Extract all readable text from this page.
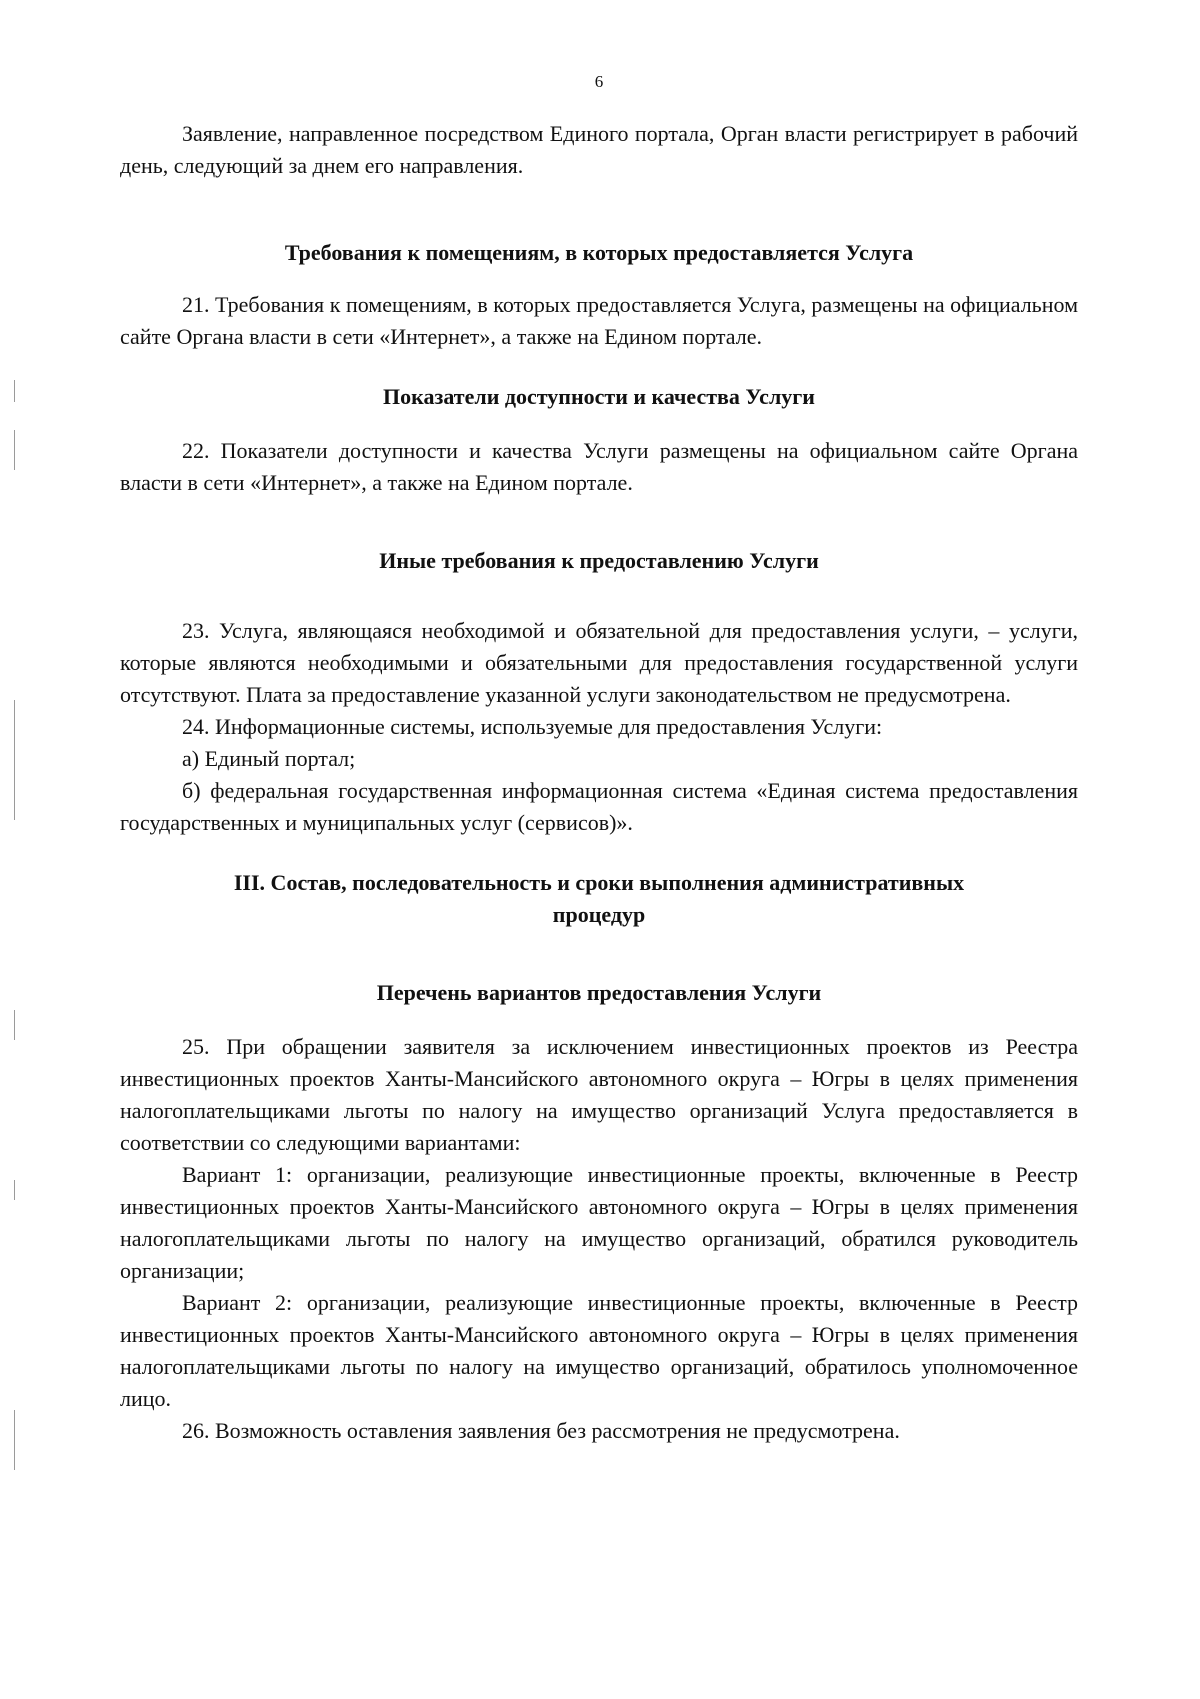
6

Заявление, направленное посредством Единого портала, Орган власти регистрирует в рабочий день, следующий за днем его направления.

Требования к помещениям, в которых предоставляется Услуга

21. Требования к помещениям, в которых предоставляется Услуга, размещены на официальном сайте Органа власти в сети «Интернет», а также на Едином портале.

Показатели доступности и качества Услуги

22. Показатели доступности и качества Услуги размещены на официальном сайте Органа власти в сети «Интернет», а также на Едином портале.

Иные требования к предоставлению Услуги

23. Услуга, являющаяся необходимой и обязательной для предоставления услуги, – услуги, которые являются необходимыми и обязательными для предоставления государственной услуги отсутствуют. Плата за предоставление указанной услуги законодательством не предусмотрена.

24. Информационные системы, используемые для предоставления Услуги:

а) Единый портал;

б) федеральная государственная информационная система «Единая система предоставления государственных и муниципальных услуг (сервисов)».

III. Состав, последовательность и сроки выполнения административных
процедур
Перечень вариантов предоставления Услуги

25. При обращении заявителя за исключением инвестиционных проектов из Реестра инвестиционных проектов Ханты-Мансийского автономного округа – Югры в целях применения налогоплательщиками льготы по налогу на имущество организаций Услуга предоставляется в соответствии со следующими вариантами:

Вариант 1: организации, реализующие инвестиционные проекты, включенные в Реестр инвестиционных проектов Ханты-Мансийского автономного округа – Югры в целях применения налогоплательщиками льготы по налогу на имущество организаций, обратился руководитель организации;

Вариант 2: организации, реализующие инвестиционные проекты, включенные в Реестр инвестиционных проектов Ханты-Мансийского автономного округа – Югры в целях применения налогоплательщиками льготы по налогу на имущество организаций, обратилось уполномоченное лицо.

26. Возможность оставления заявления без рассмотрения не предусмотрена.
